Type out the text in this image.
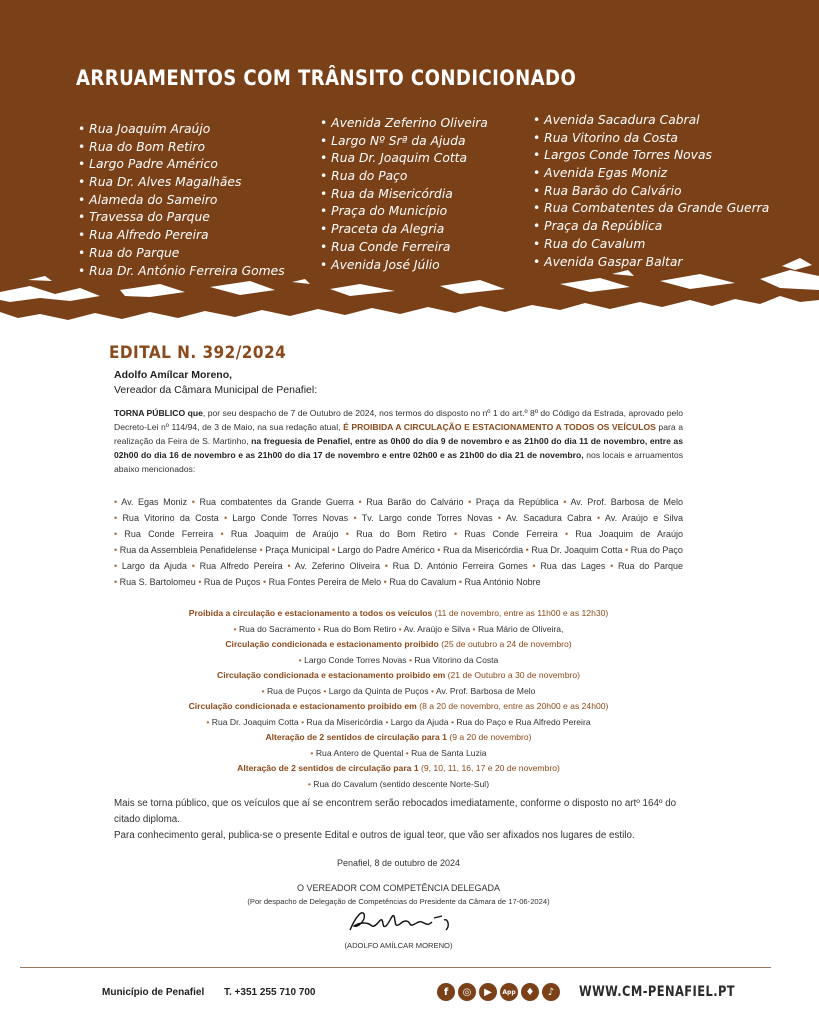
ARRUAMENTOS COM TRÂNSITO CONDICIONADO
• Rua Joaquim Araújo
• Rua do Bom Retiro
• Largo Padre Américo
• Rua Dr. Alves Magalhães
• Alameda do Sameiro
• Travessa do Parque
• Rua Alfredo Pereira
• Rua do Parque
• Rua Dr. António Ferreira Gomes
• Avenida Zeferino Oliveira
• Largo Nº Srª da Ajuda
• Rua Dr. Joaquim Cotta
• Rua do Paço
• Rua da Misericórdia
• Praça do Município
• Praceta da Alegria
• Rua Conde Ferreira
• Avenida José Júlio
• Avenida Sacadura Cabral
• Rua Vitorino da Costa
• Largos Conde Torres Novas
• Avenida Egas Moniz
• Rua Barão do Calvário
• Rua Combatentes da Grande Guerra
• Praça da República
• Rua do Cavalum
• Avenida Gaspar Baltar
EDITAL N. 392/2024
Adolfo Amílcar Moreno,
Vereador da Câmara Municipal de Penafiel:
TORNA PÚBLICO que, por seu despacho de 7 de Outubro de 2024, nos termos do disposto no nº 1 do art.º 8º do Código da Estrada, aprovado pelo Decreto-Lei nº 114/94, de 3 de Maio, na sua redação atual, É PROIBIDA A CIRCULAÇÃO E ESTACIONAMENTO A TODOS OS VEÍCULOS para a realização da Feira de S. Martinho, na freguesia de Penafiel, entre as 0h00 do dia 9 de novembro e as 21h00 do dia 11 de novembro, entre as 02h00 do dia 16 de novembro e as 21h00 do dia 17 de novembro e entre 02h00 e as 21h00 do dia 21 de novembro, nos locais e arruamentos abaixo mencionados:
• Av. Egas Moniz • Rua combatentes da Grande Guerra • Rua Barão do Calvário • Praça da República • Av. Prof. Barbosa de Melo • Rua Vitorino da Costa • Largo Conde Torres Novas • Tv. Largo conde Torres Novas • Av. Sacadura Cabra • Av. Araújo e Silva • Rua Conde Ferreira • Rua Joaquim de Araújo • Rua do Bom Retiro • Ruas Conde Ferreira • Rua Joaquim de Araújo • Rua da Assembleia Penafidelense • Praça Municipal • Largo do Padre Américo • Rua da Misericórdia • Rua Dr. Joaquim Cotta • Rua do Paço • Largo da Ajuda • Rua Alfredo Pereira • Av. Zeferino Oliveira • Rua D. António Ferreira Gomes • Rua das Lages • Rua do Parque • Rua S. Bartolomeu • Rua de Puços • Rua Fontes Pereira de Melo • Rua do Cavalum • Rua António Nobre
Proibida a circulação e estacionamento a todos os veículos (11 de novembro, entre as 11h00 e as 12h30)
• Rua do Sacramento • Rua do Bom Retiro • Av. Araújo e Silva • Rua Mário de Oliveira,
Circulação condicionada e estacionamento proibido (25 de outubro a 24 de novembro)
• Largo Conde Torres Novas • Rua Vitorino da Costa
Circulação condicionada e estacionamento proibido em (21 de Outubro a 30 de novembro)
• Rua de Puços • Largo da Quinta de Puços • Av. Prof. Barbosa de Melo
Circulação condicionada e estacionamento proibido em (8 a 20 de novembro, entre as 20h00 e as 24h00)
• Rua Dr. Joaquim Cotta • Rua da Misericórdia • Largo da Ajuda • Rua do Paço e Rua Alfredo Pereira
Alteração de 2 sentidos de circulação para 1 (9 a 20 de novembro)
• Rua Antero de Quental • Rua de Santa Luzia
Alteração de 2 sentidos de circulação para 1 (9, 10, 11, 16, 17 e 20 de novembro)
• Rua do Cavalum (sentido descente Norte-Sul)
Mais se torna público, que os veículos que aí se encontrem serão rebocados imediatamente, conforme o disposto no artº 164º do citado diploma.
Para conhecimento geral, publica-se o presente Edital e outros de igual teor, que vão ser afixados nos lugares de estilo.
Penafiel, 8 de outubro de 2024
O VEREADOR COM COMPETÊNCIA DELEGADA
(Por despacho de Delegação de Competências do Presidente da Câmara de 17-06-2024)
(ADOLFO AMÍLCAR MORENO)
Município de Penafiel T. +351 255 710 700	f	◎	▶	App ♦	♪	WWW.CM-PENAFIEL.PT
